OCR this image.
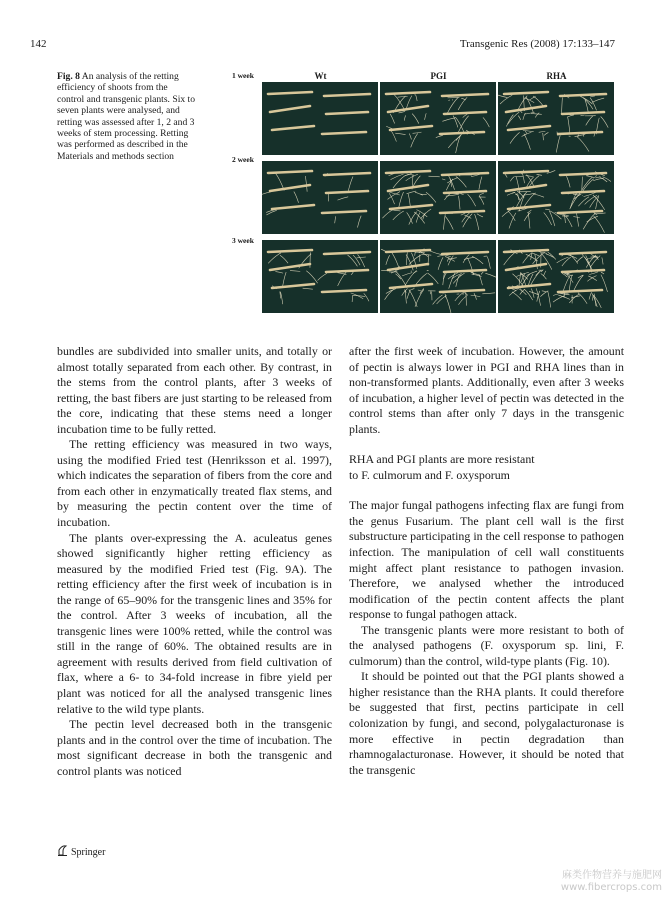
142	Transgenic Res (2008) 17:133–147
Fig. 8 An analysis of the retting efficiency of shoots from the control and transgenic plants. Six to seven plants were analysed, and retting was assessed after 1, 2 and 3 weeks of stem processing. Retting was performed as described in the Materials and methods section
Wt	PGI	RHA
1 week
2 week
3 week

bundles are subdivided into smaller units, and totally or almost totally separated from each other. By contrast, in the stems from the control plants, after 3 weeks of retting, the bast fibers are just starting to be released from the core, indicating that these stems need a longer incubation time to be fully retted.

The retting efficiency was measured in two ways, using the modified Fried test (Henriksson et al. 1997), which indicates the separation of fibers from the core and from each other in enzymatically treated flax stems, and by measuring the pectin content over the time of incubation.

The plants over-expressing the A. aculeatus genes showed significantly higher retting efficiency as measured by the modified Fried test (Fig. 9A). The retting efficiency after the first week of incubation is in the range of 65–90% for the transgenic lines and 35% for the control. After 3 weeks of incubation, all the transgenic lines were 100% retted, while the control was still in the range of 60%. The obtained results are in agreement with results derived from field cultivation of flax, where a 6- to 34-fold increase in fibre yield per plant was noticed for all the analysed transgenic lines relative to the wild type plants.

The pectin level decreased both in the transgenic plants and in the control over the time of incubation. The most significant decrease in both the transgenic and control plants was noticed

after the first week of incubation. However, the amount of pectin is always lower in PGI and RHA lines than in non-transformed plants. Additionally, even after 3 weeks of incubation, a higher level of pectin was detected in the control stems than after only 7 days in the transgenic plants.

RHA and PGI plants are more resistant
to F. culmorum and F. oxysporum

The major fungal pathogens infecting flax are fungi from the genus Fusarium. The plant cell wall is the first substructure participating in the cell response to pathogen infection. The manipulation of cell wall constituents might affect plant resistance to pathogen invasion. Therefore, we analysed whether the introduced modification of the pectin content affects the plant response to fungal pathogen attack.

The transgenic plants were more resistant to both of the analysed pathogens (F. oxysporum sp. lini, F. culmorum) than the control, wild-type plants (Fig. 10).

It should be pointed out that the PGI plants showed a higher resistance than the RHA plants. It could therefore be suggested that first, pectins participate in cell colonization by fungi, and second, polygalacturonase is more effective in pectin degradation than rhamnogalacturonase. However, it should be noted that the transgenic

Springer
麻类作物营养与施肥网
www.fibercrops.com
